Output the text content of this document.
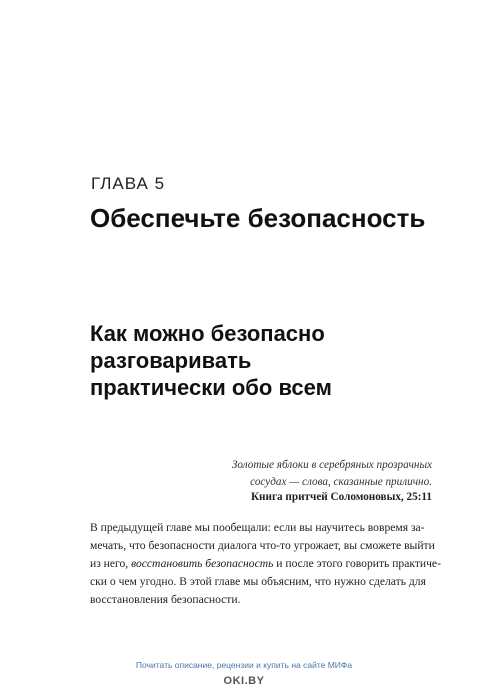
ГЛАВА 5
Обеспечьте безопасность
Как можно безопасно
разговаривать
практически обо всем
Золотые яблоки в серебряных прозрачных
сосудах — слова, сказанные прилично.
Книга притчей Соломоновых, 25:11
В предыдущей главе мы пообещали: если вы научитесь вовремя за-
мечать, что безопасности диалога что-то угрожает, вы сможете выйти
из него, восстановить безопасность и после этого говорить практиче-
ски о чем угодно. В этой главе мы объясним, что нужно сделать для
восстановления безопасности.
Почитать описание, рецензии и купить на сайте МИФа
OKI.BY
